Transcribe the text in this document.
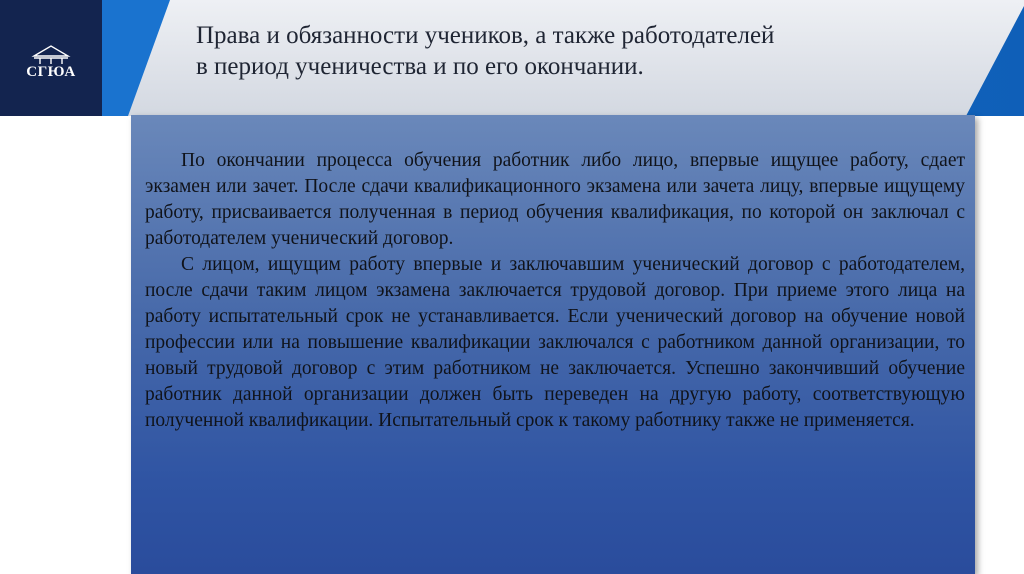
СГЮА
Права и обязанности учеников, а также работодателей
в период ученичества и по его окончании.

По окончании процесса обучения работник либо лицо, впервые ищущее работу, сдает экзамен или зачет. После сдачи квалификационного экзамена или зачета лицу, впервые ищущему работу, присваивается полученная в период обучения квалификация, по которой он заключал с работодателем ученический договор.

С лицом, ищущим работу впервые и заключавшим ученический договор с работодателем, после сдачи таким лицом экзамена заключается трудовой договор. При приеме этого лица на работу испытательный срок не устанавливается. Если ученический договор на обучение новой профессии или на повышение квалификации заключался с работником данной организации, то новый трудовой договор с этим работником не заключается. Успешно закончивший обучение работник данной организации должен быть переведен на другую работу, соответствующую полученной квалификации. Испытательный срок к такому работнику также не применяется.
